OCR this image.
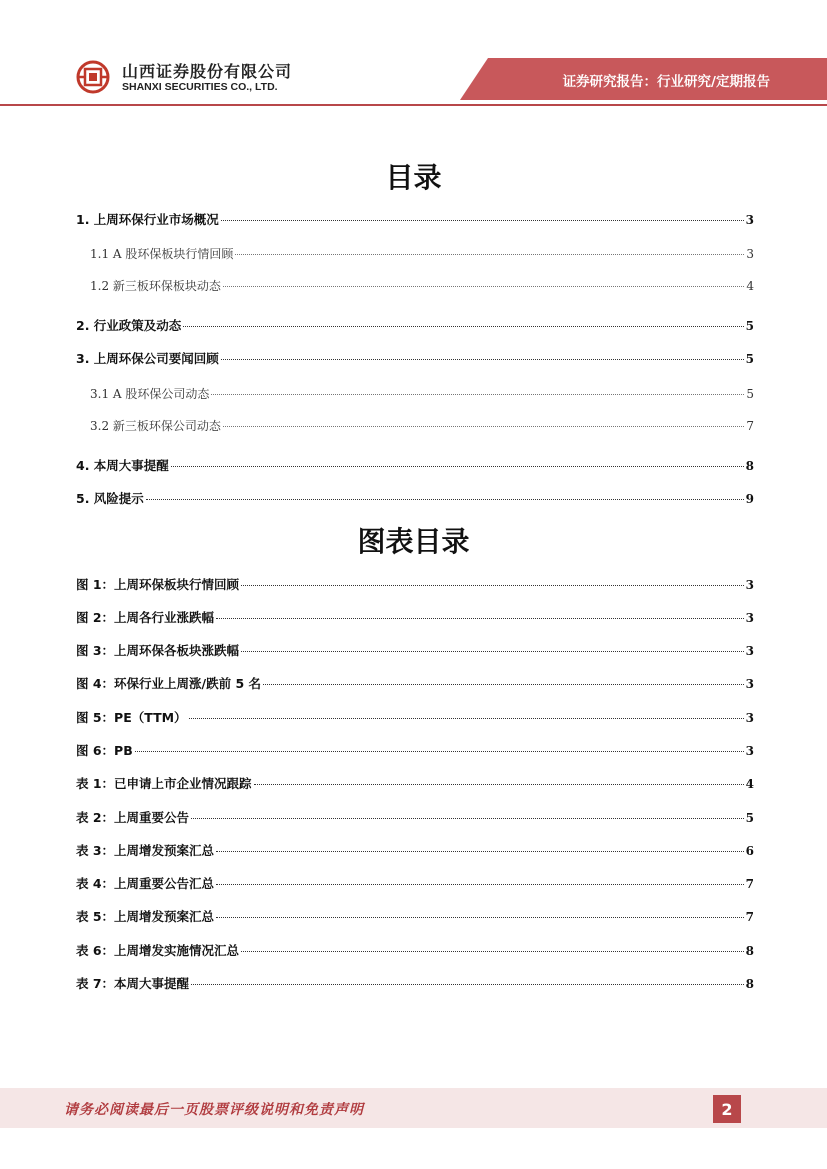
山西证券股份有限公司
SHANXI SECURITIES CO., LTD.	证券研究报告：行业研究/定期报告
目录
1. 上周环保行业市场概况	3
1.1 A 股环保板块行情回顾	3
1.2 新三板环保板块动态	4
2. 行业政策及动态	5
3. 上周环保公司要闻回顾	5
3.1 A 股环保公司动态	5
3.2 新三板环保公司动态	7
4. 本周大事提醒	8
5. 风险提示	9
图表目录
图 1：上周环保板块行情回顾	3
图 2：上周各行业涨跌幅	3
图 3：上周环保各板块涨跌幅	3
图 4：环保行业上周涨/跌前 5 名	3
图 5：PE（TTM）	3
图 6：PB	3
表 1：已申请上市企业情况跟踪	4
表 2：上周重要公告	5
表 3：上周增发预案汇总	6
表 4：上周重要公告汇总	7
表 5：上周增发预案汇总	7
表 6：上周增发实施情况汇总	8
表 7：本周大事提醒	8
请务必阅读最后一页股票评级说明和免责声明	2
